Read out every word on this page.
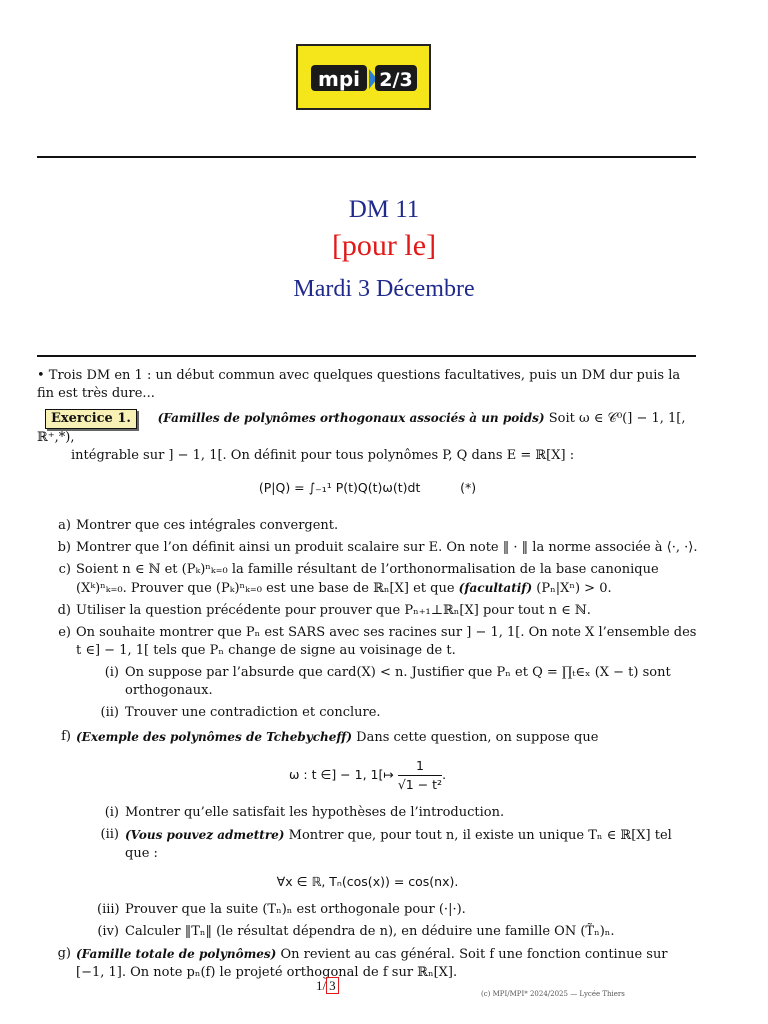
mpi 2/3
DM 11
[pour le]
Mardi 3 Décembre

• Trois DM en 1 : un début commun avec quelques questions facultatives, puis un DM dur puis la fin est très dure...

Exercice 1. (Familles de polynômes orthogonaux associés à un poids) Soit ω ∈ 𝒞⁰(] − 1, 1[, ℝ⁺,*),

intégrable sur ] − 1, 1[. On définit pour tous polynômes P, Q dans E = ℝ[X] :

(P|Q) = ∫₋₁¹ P(t)Q(t)ω(t)dt	(*)
a) Montrer que ces intégrales convergent.
b) Montrer que l’on définit ainsi un produit scalaire sur E. On note ‖ · ‖ la norme associée à ⟨·, ·⟩.
c) Soient n ∈ ℕ et (Pₖ)ⁿₖ₌₀ la famille résultant de l’orthonormalisation de la base canonique (Xᵏ)ⁿₖ₌₀. Prouver que (Pₖ)ⁿₖ₌₀ est une base de ℝₙ[X] et que (facultatif) (Pₙ|Xⁿ) > 0.
d) Utiliser la question précédente pour prouver que Pₙ₊₁⊥ℝₙ[X] pour tout n ∈ ℕ.
e) On souhaite montrer que Pₙ est SARS avec ses racines sur ] − 1, 1[. On note X l’ensemble des t ∈] − 1, 1[ tels que Pₙ change de signe au voisinage de t.
(i) On suppose par l’absurde que card(X) < n. Justifier que Pₙ et Q = ∏ₜ∈ₓ (X − t) sont orthogonaux.
(ii) Trouver une contradiction et conclure.
f) (Exemple des polynômes de Tchebycheff) Dans cette question, on suppose que
ω : t ∈] − 1, 1[↦ $\frac{1}{\text{√1 − t²}}$ .
(i) Montrer qu’elle satisfait les hypothèses de l’introduction.
(ii) (Vous pouvez admettre) Montrer que, pour tout n, il existe un unique Tₙ ∈ ℝ[X] tel que :
∀x ∈ ℝ, Tₙ(cos(x)) = cos(nx).
(iii) Prouver que la suite (Tₙ)ₙ est orthogonale pour (·|·).
(iv) Calculer ‖Tₙ‖ (le résultat dépendra de n), en déduire une famille ON (T̃ₙ)ₙ.
g) (Famille totale de polynômes) On revient au cas général. Soit f une fonction continue sur [−1, 1]. On note pₙ(f) le projeté orthogonal de f sur ℝₙ[X].
1/ 3
(c) MPI/MPI* 2024/2025 — Lycée Thiers
